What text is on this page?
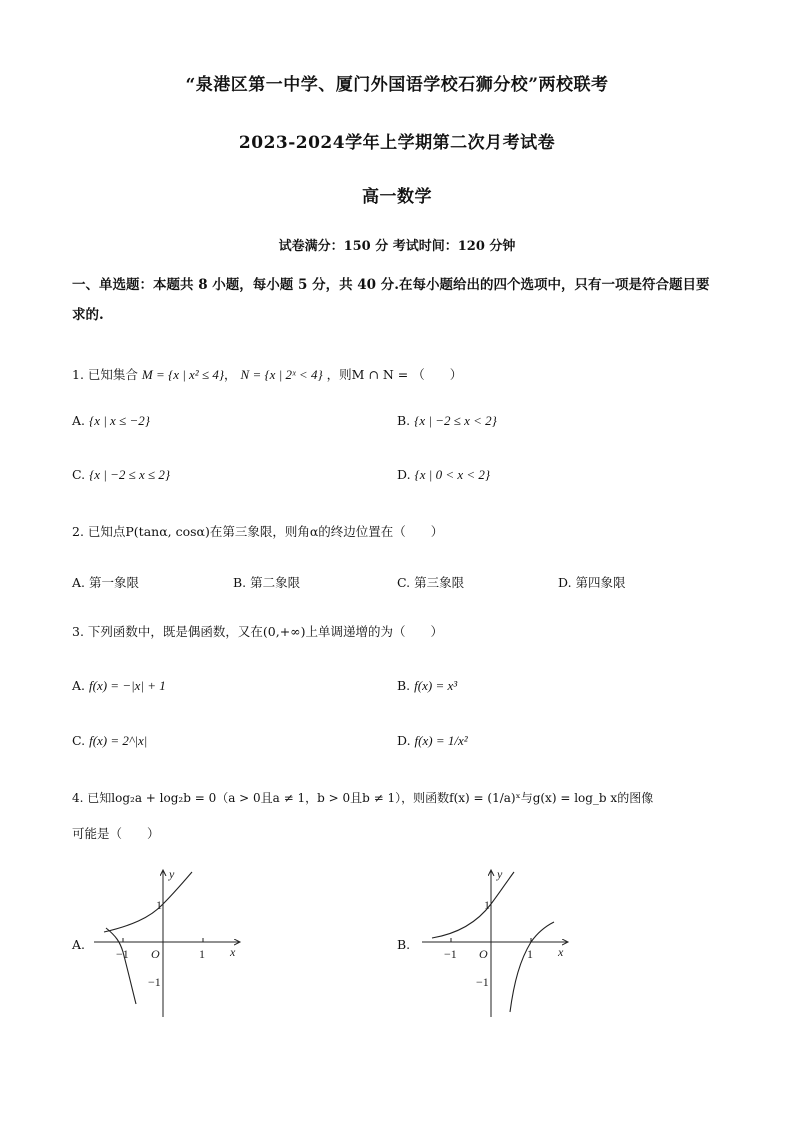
“泉港区第一中学、厦门外国语学校石狮分校”两校联考
2023-2024学年上学期第二次月考试卷
高一数学
试卷满分：150 分 考试时间：120 分钟
一、单选题：本题共 8 小题，每小题 5 分，共 40 分.在每小题给出的四个选项中，只有一项是符合题目要求的.
1. 已知集合 M = {x | x² ≤ 4}， N = {x | 2ˣ < 4} ，则M ∩ N = （　　）
A. {x | x ≤ −2}	B. {x | −2 ≤ x < 2}
C. {x | −2 ≤ x ≤ 2}	D. {x | 0 < x < 2}
2. 已知点P(tanα, cosα)在第三象限，则角α的终边位置在（　　）
A. 第一象限	B. 第二象限	C. 第三象限	D. 第四象限
3. 下列函数中，既是偶函数，又在(0,+∞)上单调递增的为（　　）
A. f(x) = −|x| + 1	B. f(x) = x³
C. f(x) = 2^|x|	D. f(x) = 1/x²
4. 已知log₂a + log₂b = 0（a > 0且a ≠ 1，b > 0且b ≠ 1），则函数f(x) = (1/a)ˣ与g(x) = log_b x的图像
可能是（　　）
A.	B.
y
x
O
1
1
−1
−1
y
x
O
1
1
−1
−1
